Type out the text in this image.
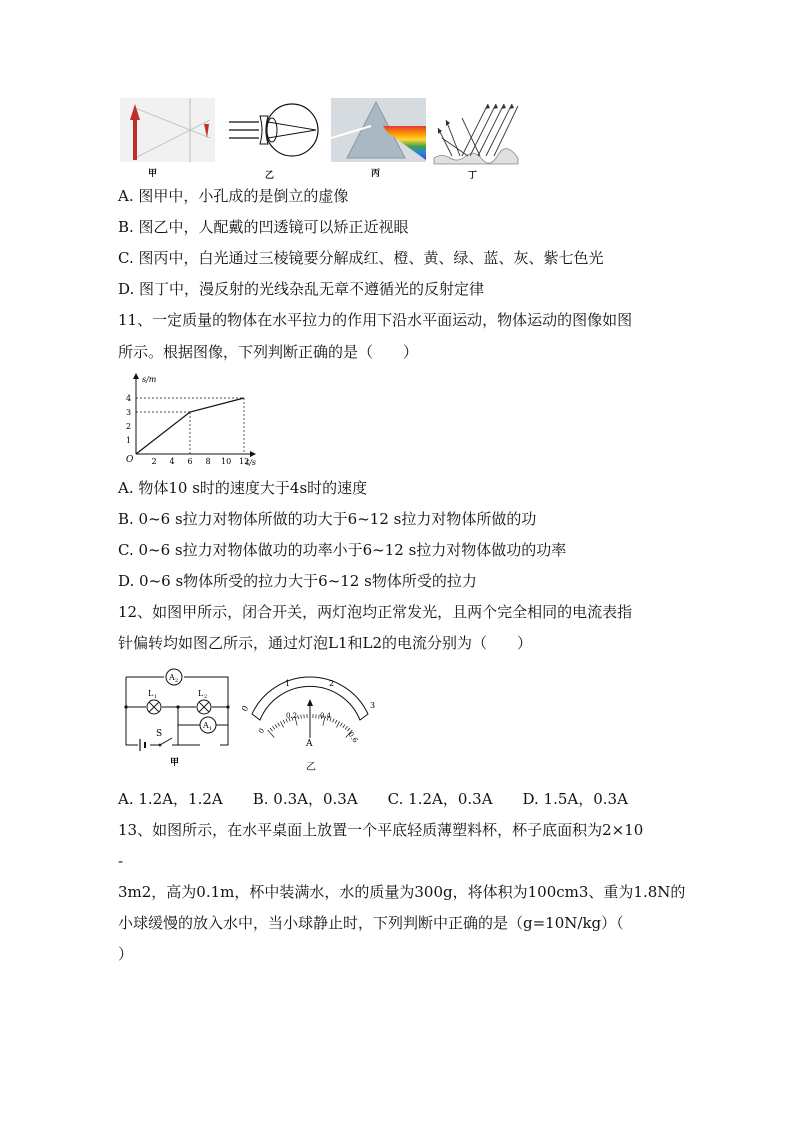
甲	乙	丙	丁
A. 图甲中，小孔成的是倒立的虚像
B. 图乙中，人配戴的凹透镜可以矫正近视眼
C. 图丙中，白光通过三棱镜要分解成红、橙、黄、绿、蓝、灰、紫七色光
D. 图丁中，漫反射的光线杂乱无章不遵循光的反射定律
11、一定质量的物体在水平拉力的作用下沿水平面运动，物体运动的图像如图
所示。根据图像，下列判断正确的是（　　）
s/m
t/s
O 2 4 6 8 10 12
1
2
3
4
A. 物体10 s时的速度大于4s时的速度
B. 0~6 s拉力对物体所做的功大于6~12 s拉力对物体所做的功
C. 0~6 s拉力对物体做功的功率小于6~12 s拉力对物体做功的功率
D. 0~6 s物体所受的拉力大于6~12 s物体所受的拉力
12、如图甲所示，闭合开关，两灯泡均正常发光，且两个完全相同的电流表指
针偏转均如图乙所示，通过灯泡L1和L2的电流分别为（　　）
S
A 2
L 1	L 2
A 1
甲
0
1	2
3
0
0.2	0.4
0.6
A
乙
A. 1.2A，1.2A　　B. 0.3A，0.3A　　C. 1.2A，0.3A　　D. 1.5A，0.3A
13、如图所示，在水平桌面上放置一个平底轻质薄塑料杯，杯子底面积为2×10
-
3m2，高为0.1m，杯中装满水，水的质量为300g，将体积为100cm3、重为1.8N的
小球缓慢的放入水中，当小球静止时，下列判断中正确的是（g=10N/kg）（
）
